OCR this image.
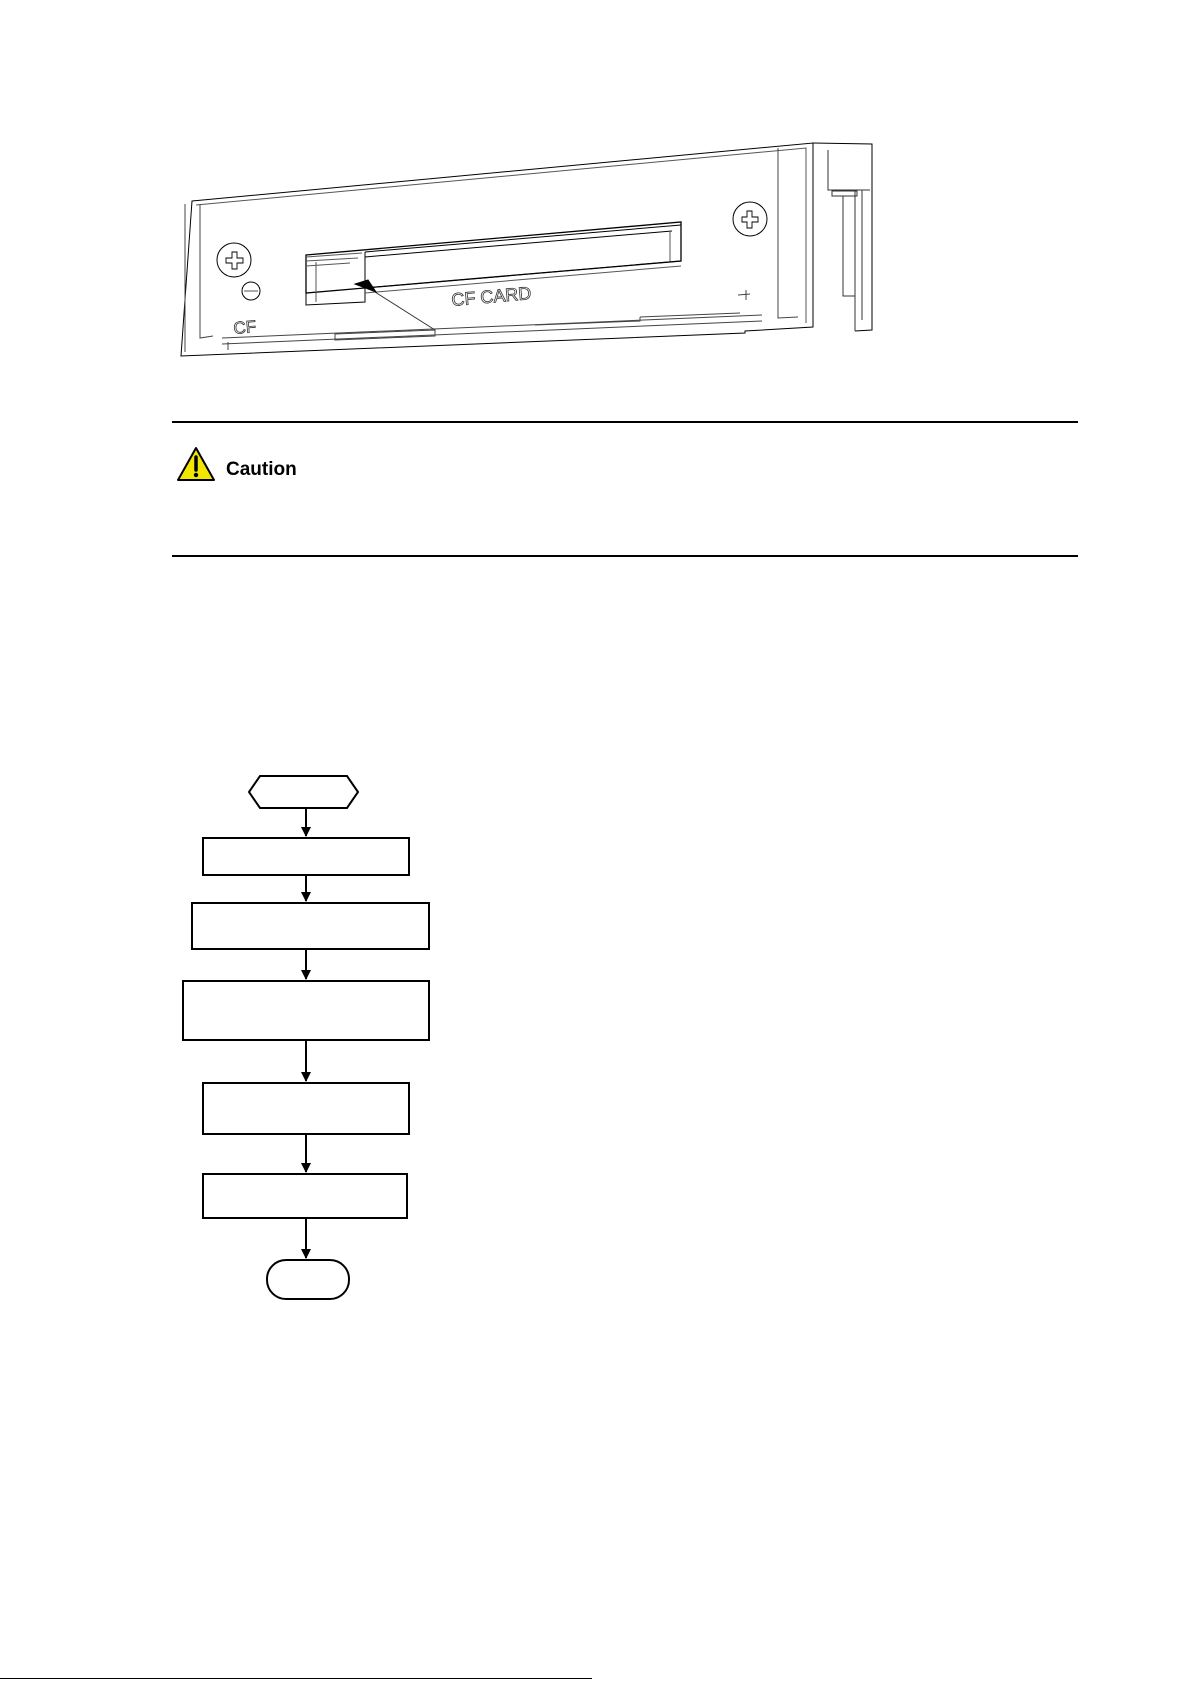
CF CARD
CF
Caution
